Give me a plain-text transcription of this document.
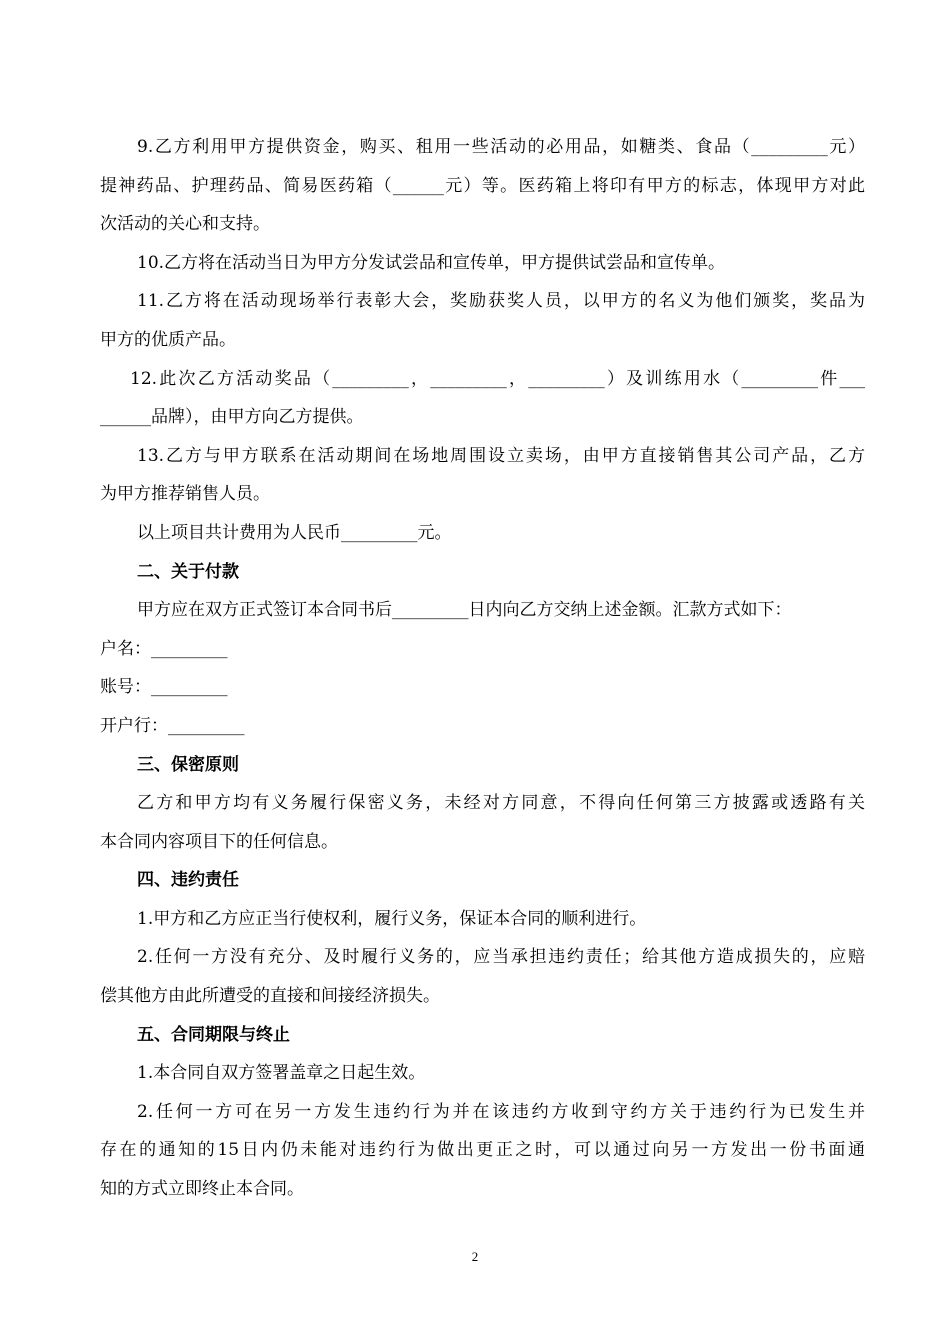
9.乙方利用甲方提供资金，购买、租用一些活动的必用品，如糖类、食品（_________元）
提神药品、护理药品、简易医药箱（______元）等。医药箱上将印有甲方的标志，体现甲方对此
次活动的关心和支持。
10.乙方将在活动当日为甲方分发试尝品和宣传单，甲方提供试尝品和宣传单。
11.乙方将在活动现场举行表彰大会，奖励获奖人员，以甲方的名义为他们颁奖，奖品为
甲方的优质产品。
12.此次乙方活动奖品（_________，_________，_________）及训练用水（_________件___
______品牌），由甲方向乙方提供。
13.乙方与甲方联系在活动期间在场地周围设立卖场，由甲方直接销售其公司产品，乙方
为甲方推荐销售人员。
以上项目共计费用为人民币_________元。
二、关于付款
甲方应在双方正式签订本合同书后_________日内向乙方交纳上述金额。汇款方式如下：
户名：_________
账号：_________
开户行：_________
三、保密原则
乙方和甲方均有义务履行保密义务，未经对方同意，不得向任何第三方披露或透路有关
本合同内容项目下的任何信息。
四、违约责任
1.甲方和乙方应正当行使权利，履行义务，保证本合同的顺利进行。
2.任何一方没有充分、及时履行义务的，应当承担违约责任；给其他方造成损失的，应赔
偿其他方由此所遭受的直接和间接经济损失。
五、合同期限与终止
1.本合同自双方签署盖章之日起生效。
2.任何一方可在另一方发生违约行为并在该违约方收到守约方关于违约行为已发生并
存在的通知的15日内仍未能对违约行为做出更正之时，可以通过向另一方发出一份书面通
知的方式立即终止本合同。
2
